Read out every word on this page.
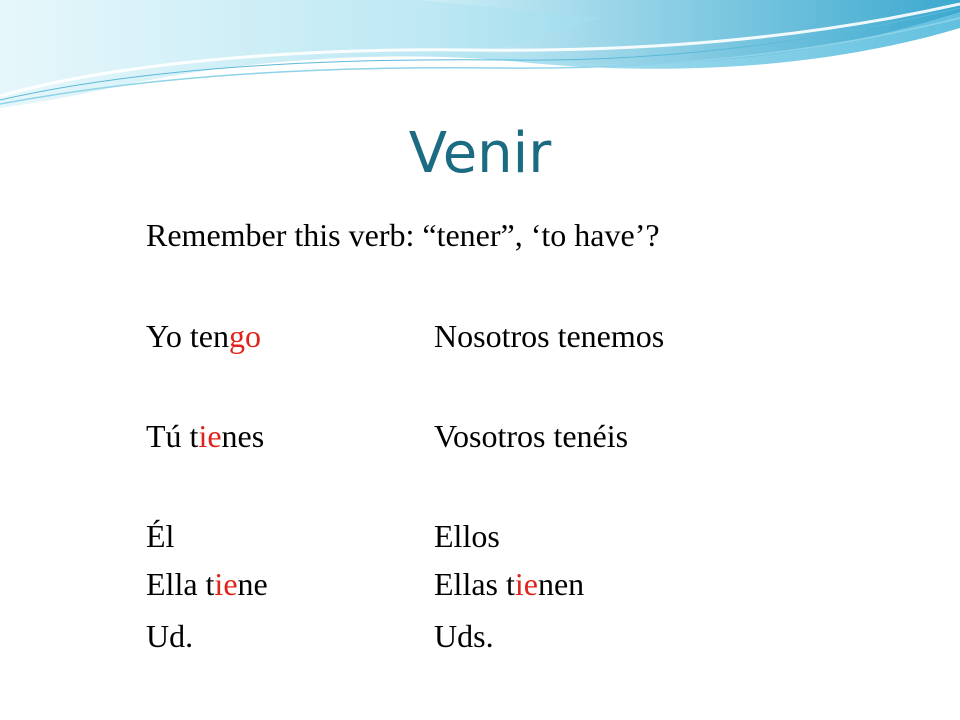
Venir
Remember this verb: “tener”, ‘to have’?
Yo tengo	Nosotros tenemos
Tú tienes	Vosotros tenéis
Él	Ellos
Ella tiene	Ellas tienen
Ud.	Uds.
